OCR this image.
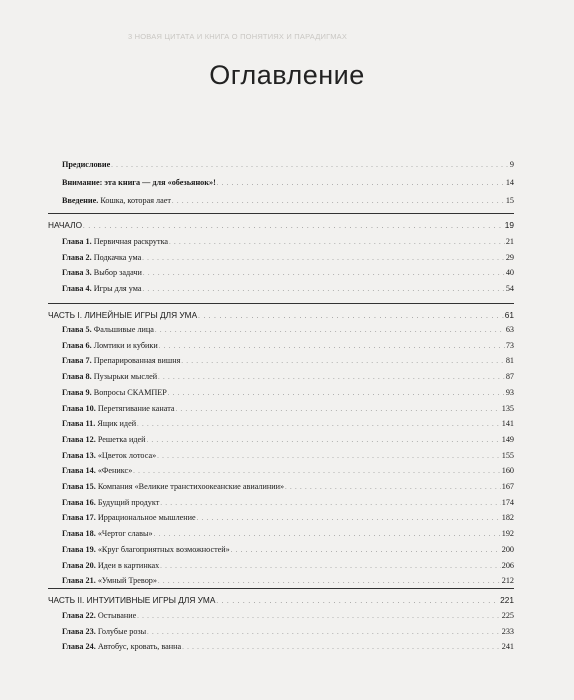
3 НОВАЯ ЦИТАТА И КНИГА О ПОНЯТИЯХ И ПАРАДИГМАХ
Оглавление
Предисловие . . .	9
Внимание: эта книга — для «обезьянок»! . . .	14
Введение. Кошка, которая лает . . .	15
НАЧАЛО . . .	19
Глава 1. Первичная раскрутка . . .	21
Глава 2. Подкачка ума . . .	29
Глава 3. Выбор задачи . . .	40
Глава 4. Игры для ума . . .	54
ЧАСТЬ I. ЛИНЕЙНЫЕ ИГРЫ ДЛЯ УМА . . .	61
Глава 5. Фальшивые лица . . .	63
Глава 6. Ломтики и кубики . . .	73
Глава 7. Препарированная вишня . . .	81
Глава 8. Пузырьки мыслей . . .	87
Глава 9. Вопросы СКАМПЕР . . .	93
Глава 10. Перетягивание каната . . .	135
Глава 11. Ящик идей . . .	141
Глава 12. Решетка идей . . .	149
Глава 13. «Цветок лотоса» . . .	155
Глава 14. «Феникс» . . .	160
Глава 15. Компания «Великие транстихоокеанские авиалинии» . . .	167
Глава 16. Будущий продукт . . .	174
Глава 17. Иррациональное мышление . . .	182
Глава 18. «Чертог славы» . . .	192
Глава 19. «Круг благоприятных возможностей» . . .	200
Глава 20. Идеи в картинках . . .	206
Глава 21. «Умный Тревор» . . .	212
ЧАСТЬ II. ИНТУИТИВНЫЕ ИГРЫ ДЛЯ УМА . . .	221
Глава 22. Остывание . . .	225
Глава 23. Голубые розы . . .	233
Глава 24. Автобус, кровать, ванна . . .	241
